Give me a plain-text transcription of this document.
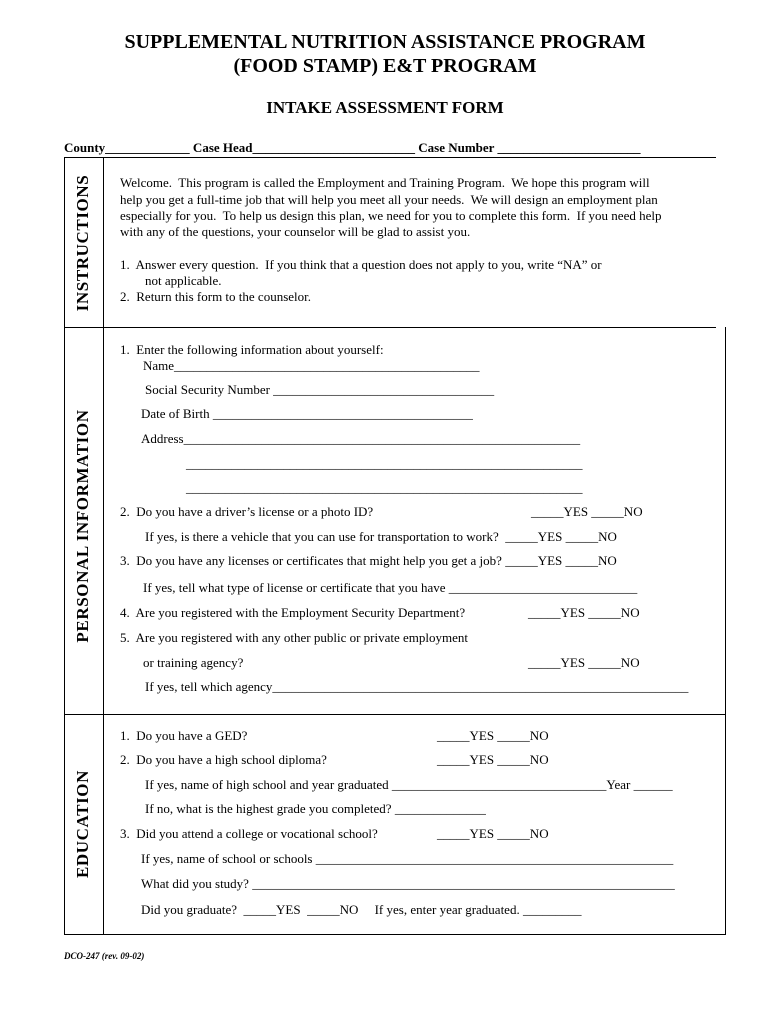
SUPPLEMENTAL NUTRITION ASSISTANCE PROGRAM
(FOOD STAMP) E&T PROGRAM
INTAKE ASSESSMENT FORM
County_____________ Case Head_________________________ Case Number ______________________
INSTRUCTIONS
PERSONAL INFORMATION
EDUCATION
Welcome.  This program is called the Employment and Training Program.  We hope this program will
help you get a full-time job that will help you meet all your needs.  We will design an employment plan
especially for you.  To help us design this plan, we need for you to complete this form.  If you need help
with any of the questions, your counselor will be glad to assist you.
1.  Answer every question.  If you think that a question does not apply to you, write “NA” or
not applicable.
2.  Return this form to the counselor.
1.  Enter the following information about yourself:
Name_______________________________________________
Social Security Number __________________________________
Date of Birth ________________________________________
Address_____________________________________________________________
_____________________________________________________________
_____________________________________________________________
2.  Do you have a driver’s license or a photo ID?	_____YES _____NO
If yes, is there a vehicle that you can use for transportation to work?  _____YES _____NO
3.  Do you have any licenses or certificates that might help you get a job? _____YES _____NO
If yes, tell what type of license or certificate that you have _____________________________
4.  Are you registered with the Employment Security Department?	_____YES _____NO
5.  Are you registered with any other public or private employment
or training agency?	_____YES _____NO
If yes, tell which agency________________________________________________________________
1.  Do you have a GED?	_____YES _____NO
2.  Do you have a high school diploma?	_____YES _____NO
If yes, name of high school and year graduated _________________________________Year ______
If no, what is the highest grade you completed? ______________
3.  Did you attend a college or vocational school?	_____YES _____NO
If yes, name of school or schools _______________________________________________________
What did you study? _________________________________________________________________
Did you graduate?  _____YES  _____NO     If yes, enter year graduated. _________
DCO-247 (rev. 09-02)
